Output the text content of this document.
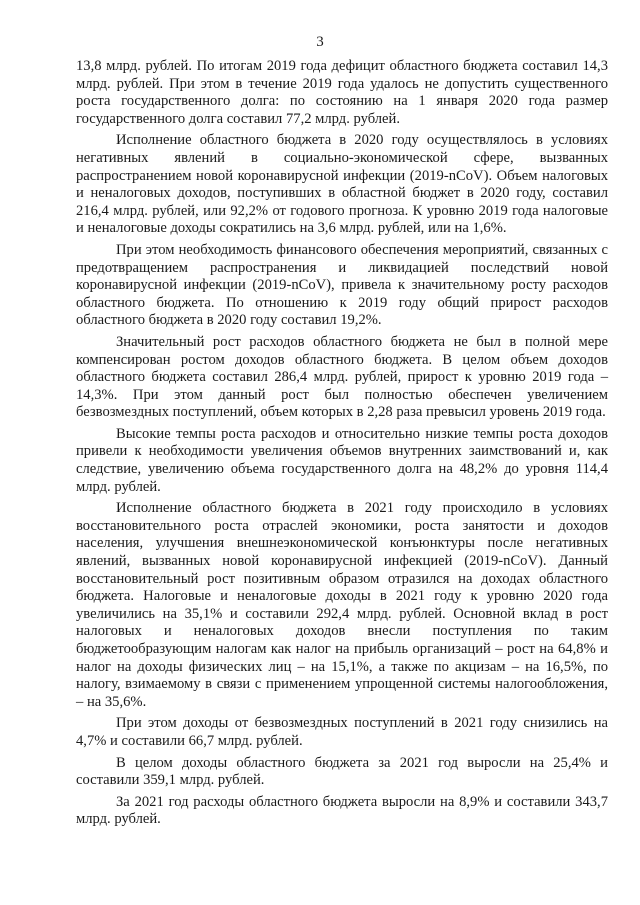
3

13,8 млрд. рублей. По итогам 2019 года дефицит областного бюджета составил 14,3 млрд. рублей. При этом в течение 2019 года удалось не допустить существенного роста государственного долга: по состоянию на 1 января 2020 года размер государственного долга составил 77,2 млрд. рублей.

Исполнение областного бюджета в 2020 году осуществлялось в условиях негативных явлений в социально-экономической сфере, вызванных распространением новой коронавирусной инфекции (2019-nCoV). Объем налоговых и неналоговых доходов, поступивших в областной бюджет в 2020 году, составил 216,4 млрд. рублей, или 92,2% от годового прогноза. К уровню 2019 года налоговые и неналоговые доходы сократились на 3,6 млрд. рублей, или на 1,6%.

При этом необходимость финансового обеспечения мероприятий, связанных с предотвращением распространения и ликвидацией последствий новой коронавирусной инфекции (2019-nCoV), привела к значительному росту расходов областного бюджета. По отношению к 2019 году общий прирост расходов областного бюджета в 2020 году составил 19,2%.

Значительный рост расходов областного бюджета не был в полной мере компенсирован ростом доходов областного бюджета. В целом объем доходов областного бюджета составил 286,4 млрд. рублей, прирост к уровню 2019 года – 14,3%. При этом данный рост был полностью обеспечен увеличением безвозмездных поступлений, объем которых в 2,28 раза превысил уровень 2019 года.

Высокие темпы роста расходов и относительно низкие темпы роста доходов привели к необходимости увеличения объемов внутренних заимствований и, как следствие, увеличению объема государственного долга на 48,2% до уровня 114,4 млрд. рублей.

Исполнение областного бюджета в 2021 году происходило в условиях восстановительного роста отраслей экономики, роста занятости и доходов населения, улучшения внешнеэкономической конъюнктуры после негативных явлений, вызванных новой коронавирусной инфекцией (2019-nCoV). Данный восстановительный рост позитивным образом отразился на доходах областного бюджета. Налоговые и неналоговые доходы в 2021 году к уровню 2020 года увеличились на 35,1% и составили 292,4 млрд. рублей. Основной вклад в рост налоговых и неналоговых доходов внесли поступления по таким бюджетообразующим налогам как налог на прибыль организаций – рост на 64,8% и налог на доходы физических лиц – на 15,1%, а также по акцизам – на 16,5%, по налогу, взимаемому в связи с применением упрощенной системы налогообложения, – на 35,6%.

При этом доходы от безвозмездных поступлений в 2021 году снизились на 4,7% и составили 66,7 млрд. рублей.

В целом доходы областного бюджета за 2021 год выросли на 25,4% и составили 359,1 млрд. рублей.

За 2021 год расходы областного бюджета выросли на 8,9% и составили 343,7 млрд. рублей.
